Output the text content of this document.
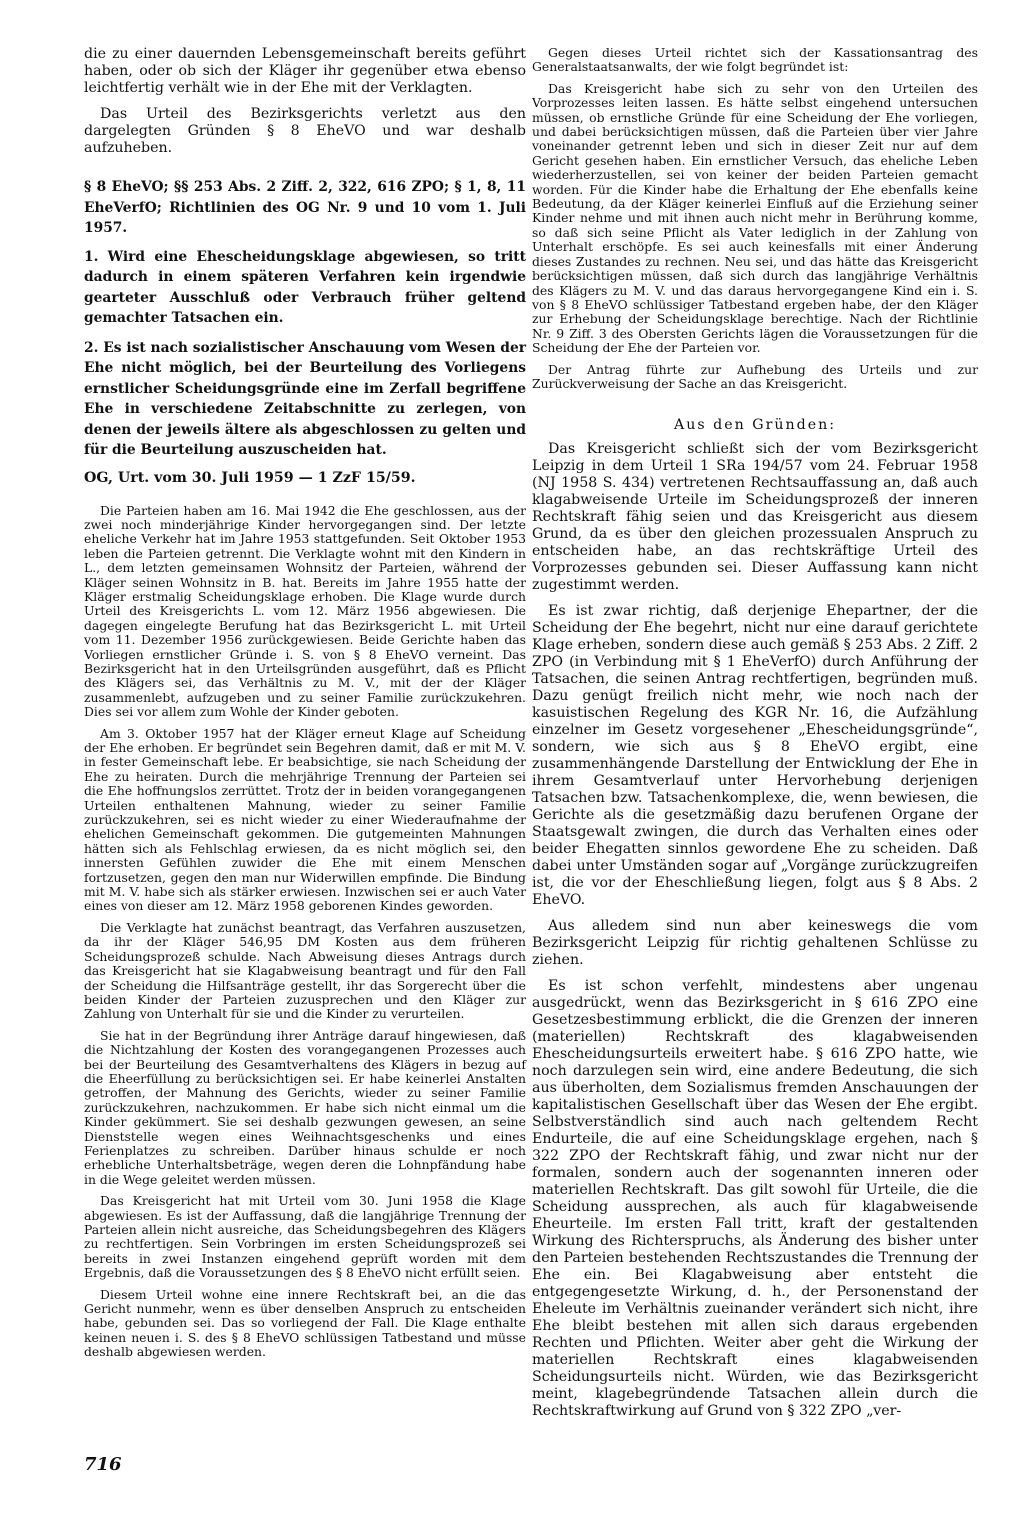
die zu einer dauernden Lebensgemeinschaft bereits geführt haben, oder ob sich der Kläger ihr gegenüber etwa ebenso leichtfertig verhält wie in der Ehe mit der Verklagten.

Das Urteil des Bezirksgerichts verletzt aus den dargelegten Gründen § 8 EheVO und war deshalb aufzuheben.

§ 8 EheVO; §§ 253 Abs. 2 Ziff. 2, 322, 616 ZPO; § 1, 8, 11 EheVerfO; Richtlinien des OG Nr. 9 und 10 vom 1. Juli 1957.

1. Wird eine Ehescheidungsklage abgewiesen, so tritt dadurch in einem späteren Verfahren kein irgendwie gearteter Ausschluß oder Verbrauch früher geltend gemachter Tatsachen ein.

2. Es ist nach sozialistischer Anschauung vom Wesen der Ehe nicht möglich, bei der Beurteilung des Vorliegens ernstlicher Scheidungsgründe eine im Zerfall begriffene Ehe in verschiedene Zeitabschnitte zu zerlegen, von denen der jeweils ältere als abgeschlossen zu gelten und für die Beurteilung auszuscheiden hat.

OG, Urt. vom 30. Juli 1959 — 1 ZzF 15/59.

Die Parteien haben am 16. Mai 1942 die Ehe geschlossen, aus der zwei noch minderjährige Kinder hervorgegangen sind. Der letzte eheliche Verkehr hat im Jahre 1953 stattgefunden. Seit Oktober 1953 leben die Parteien getrennt. Die Verklagte wohnt mit den Kindern in L., dem letzten gemeinsamen Wohnsitz der Parteien, während der Kläger seinen Wohnsitz in B. hat. Bereits im Jahre 1955 hatte der Kläger erstmalig Scheidungsklage erhoben. Die Klage wurde durch Urteil des Kreisgerichts L. vom 12. März 1956 abgewiesen. Die dagegen eingelegte Berufung hat das Bezirksgericht L. mit Urteil vom 11. Dezember 1956 zurückgewiesen. Beide Gerichte haben das Vorliegen ernstlicher Gründe i. S. von § 8 EheVO verneint. Das Bezirksgericht hat in den Urteilsgründen ausgeführt, daß es Pflicht des Klägers sei, das Verhältnis zu M. V., mit der der Kläger zusammenlebt, aufzugeben und zu seiner Familie zurückzukehren. Dies sei vor allem zum Wohle der Kinder geboten.

Am 3. Oktober 1957 hat der Kläger erneut Klage auf Scheidung der Ehe erhoben. Er begründet sein Begehren damit, daß er mit M. V. in fester Gemeinschaft lebe. Er beabsichtige, sie nach Scheidung der Ehe zu heiraten. Durch die mehrjährige Trennung der Parteien sei die Ehe hoffnungslos zerrüttet. Trotz der in beiden vorangegangenen Urteilen enthaltenen Mahnung, wieder zu seiner Familie zurückzukehren, sei es nicht wieder zu einer Wiederaufnahme der ehelichen Gemeinschaft gekommen. Die gutgemeinten Mahnungen hätten sich als Fehlschlag erwiesen, da es nicht möglich sei, den innersten Gefühlen zuwider die Ehe mit einem Menschen fortzusetzen, gegen den man nur Widerwillen empfinde. Die Bindung mit M. V. habe sich als stärker erwiesen. Inzwischen sei er auch Vater eines von dieser am 12. März 1958 geborenen Kindes geworden.

Die Verklagte hat zunächst beantragt, das Verfahren auszusetzen, da ihr der Kläger 546,95 DM Kosten aus dem früheren Scheidungsprozeß schulde. Nach Abweisung dieses Antrags durch das Kreisgericht hat sie Klagabweisung beantragt und für den Fall der Scheidung die Hilfsanträge gestellt, ihr das Sorgerecht über die beiden Kinder der Parteien zuzusprechen und den Kläger zur Zahlung von Unterhalt für sie und die Kinder zu verurteilen.

Sie hat in der Begründung ihrer Anträge darauf hingewiesen, daß die Nichtzahlung der Kosten des vorangegangenen Prozesses auch bei der Beurteilung des Gesamtverhaltens des Klägers in bezug auf die Eheerfüllung zu berücksichtigen sei. Er habe keinerlei Anstalten getroffen, der Mahnung des Gerichts, wieder zu seiner Familie zurückzukehren, nachzukommen. Er habe sich nicht einmal um die Kinder gekümmert. Sie sei deshalb gezwungen gewesen, an seine Dienststelle wegen eines Weihnachtsgeschenks und eines Ferienplatzes zu schreiben. Darüber hinaus schulde er noch erhebliche Unterhaltsbeträge, wegen deren die Lohnpfändung habe in die Wege geleitet werden müssen.

Das Kreisgericht hat mit Urteil vom 30. Juni 1958 die Klage abgewiesen. Es ist der Auffassung, daß die langjährige Trennung der Parteien allein nicht ausreiche, das Scheidungsbegehren des Klägers zu rechtfertigen. Sein Vorbringen im ersten Scheidungsprozeß sei bereits in zwei Instanzen eingehend geprüft worden mit dem Ergebnis, daß die Voraussetzungen des § 8 EheVO nicht erfüllt seien.

Diesem Urteil wohne eine innere Rechtskraft bei, an die das Gericht nunmehr, wenn es über denselben Anspruch zu entscheiden habe, gebunden sei. Das so vorliegend der Fall. Die Klage enthalte keinen neuen i. S. des § 8 EheVO schlüssigen Tatbestand und müsse deshalb abgewiesen werden.

Gegen dieses Urteil richtet sich der Kassationsantrag des Generalstaatsanwalts, der wie folgt begründet ist:

Das Kreisgericht habe sich zu sehr von den Urteilen des Vorprozesses leiten lassen. Es hätte selbst eingehend untersuchen müssen, ob ernstliche Gründe für eine Scheidung der Ehe vorliegen, und dabei berücksichtigen müssen, daß die Parteien über vier Jahre voneinander getrennt leben und sich in dieser Zeit nur auf dem Gericht gesehen haben. Ein ernstlicher Versuch, das eheliche Leben wiederherzustellen, sei von keiner der beiden Parteien gemacht worden. Für die Kinder habe die Erhaltung der Ehe ebenfalls keine Bedeutung, da der Kläger keinerlei Einfluß auf die Erziehung seiner Kinder nehme und mit ihnen auch nicht mehr in Berührung komme, so daß sich seine Pflicht als Vater lediglich in der Zahlung von Unterhalt erschöpfe. Es sei auch keinesfalls mit einer Änderung dieses Zustandes zu rechnen. Neu sei, und das hätte das Kreisgericht berücksichtigen müssen, daß sich durch das langjährige Verhältnis des Klägers zu M. V. und das daraus hervorgegangene Kind ein i. S. von § 8 EheVO schlüssiger Tatbestand ergeben habe, der den Kläger zur Erhebung der Scheidungsklage berechtige. Nach der Richtlinie Nr. 9 Ziff. 3 des Obersten Gerichts lägen die Voraussetzungen für die Scheidung der Ehe der Parteien vor.

Der Antrag führte zur Aufhebung des Urteils und zur Zurückverweisung der Sache an das Kreisgericht.

Aus den Gründen:

Das Kreisgericht schließt sich der vom Bezirksgericht Leipzig in dem Urteil 1 SRa 194/57 vom 24. Februar 1958 (NJ 1958 S. 434) vertretenen Rechtsauffassung an, daß auch klagabweisende Urteile im Scheidungsprozeß der inneren Rechtskraft fähig seien und das Kreisgericht aus diesem Grund, da es über den gleichen prozessualen Anspruch zu entscheiden habe, an das rechtskräftige Urteil des Vorprozesses gebunden sei. Dieser Auffassung kann nicht zugestimmt werden.

Es ist zwar richtig, daß derjenige Ehepartner, der die Scheidung der Ehe begehrt, nicht nur eine darauf gerichtete Klage erheben, sondern diese auch gemäß § 253 Abs. 2 Ziff. 2 ZPO (in Verbindung mit § 1 EheVerfO) durch Anführung der Tatsachen, die seinen Antrag rechtfertigen, begründen muß. Dazu genügt freilich nicht mehr, wie noch nach der kasuistischen Regelung des KGR Nr. 16, die Aufzählung einzelner im Gesetz vorgesehener „Ehescheidungsgründe“, sondern, wie sich aus § 8 EheVO ergibt, eine zusammenhängende Darstellung der Entwicklung der Ehe in ihrem Gesamtverlauf unter Hervorhebung derjenigen Tatsachen bzw. Tatsachenkomplexe, die, wenn bewiesen, die Gerichte als die gesetzmäßig dazu berufenen Organe der Staatsgewalt zwingen, die durch das Verhalten eines oder beider Ehegatten sinnlos gewordene Ehe zu scheiden. Daß dabei unter Umständen sogar auf „Vorgänge zurückzugreifen ist, die vor der Eheschließung liegen, folgt aus § 8 Abs. 2 EheVO.

Aus alledem sind nun aber keineswegs die vom Bezirksgericht Leipzig für richtig gehaltenen Schlüsse zu ziehen.

Es ist schon verfehlt, mindestens aber ungenau ausgedrückt, wenn das Bezirksgericht in § 616 ZPO eine Gesetzesbestimmung erblickt, die die Grenzen der inneren (materiellen) Rechtskraft des klagabweisenden Ehescheidungsurteils erweitert habe. § 616 ZPO hatte, wie noch darzulegen sein wird, eine andere Bedeutung, die sich aus überholten, dem Sozialismus fremden Anschauungen der kapitalistischen Gesellschaft über das Wesen der Ehe ergibt. Selbstverständlich sind auch nach geltendem Recht Endurteile, die auf eine Scheidungsklage ergehen, nach § 322 ZPO der Rechtskraft fähig, und zwar nicht nur der formalen, sondern auch der sogenannten inneren oder materiellen Rechtskraft. Das gilt sowohl für Urteile, die die Scheidung aussprechen, als auch für klagabweisende Eheurteile. Im ersten Fall tritt, kraft der gestaltenden Wirkung des Richterspruchs, als Änderung des bisher unter den Parteien bestehenden Rechtszustandes die Trennung der Ehe ein. Bei Klagabweisung aber entsteht die entgegengesetzte Wirkung, d. h., der Personenstand der Eheleute im Verhältnis zueinander verändert sich nicht, ihre Ehe bleibt bestehen mit allen sich daraus ergebenden Rechten und Pflichten. Weiter aber geht die Wirkung der materiellen Rechtskraft eines klagabweisenden Scheidungsurteils nicht. Würden, wie das Bezirksgericht meint, klagebegründende Tatsachen allein durch die Rechtskraftwirkung auf Grund von § 322 ZPO „ver-

716
